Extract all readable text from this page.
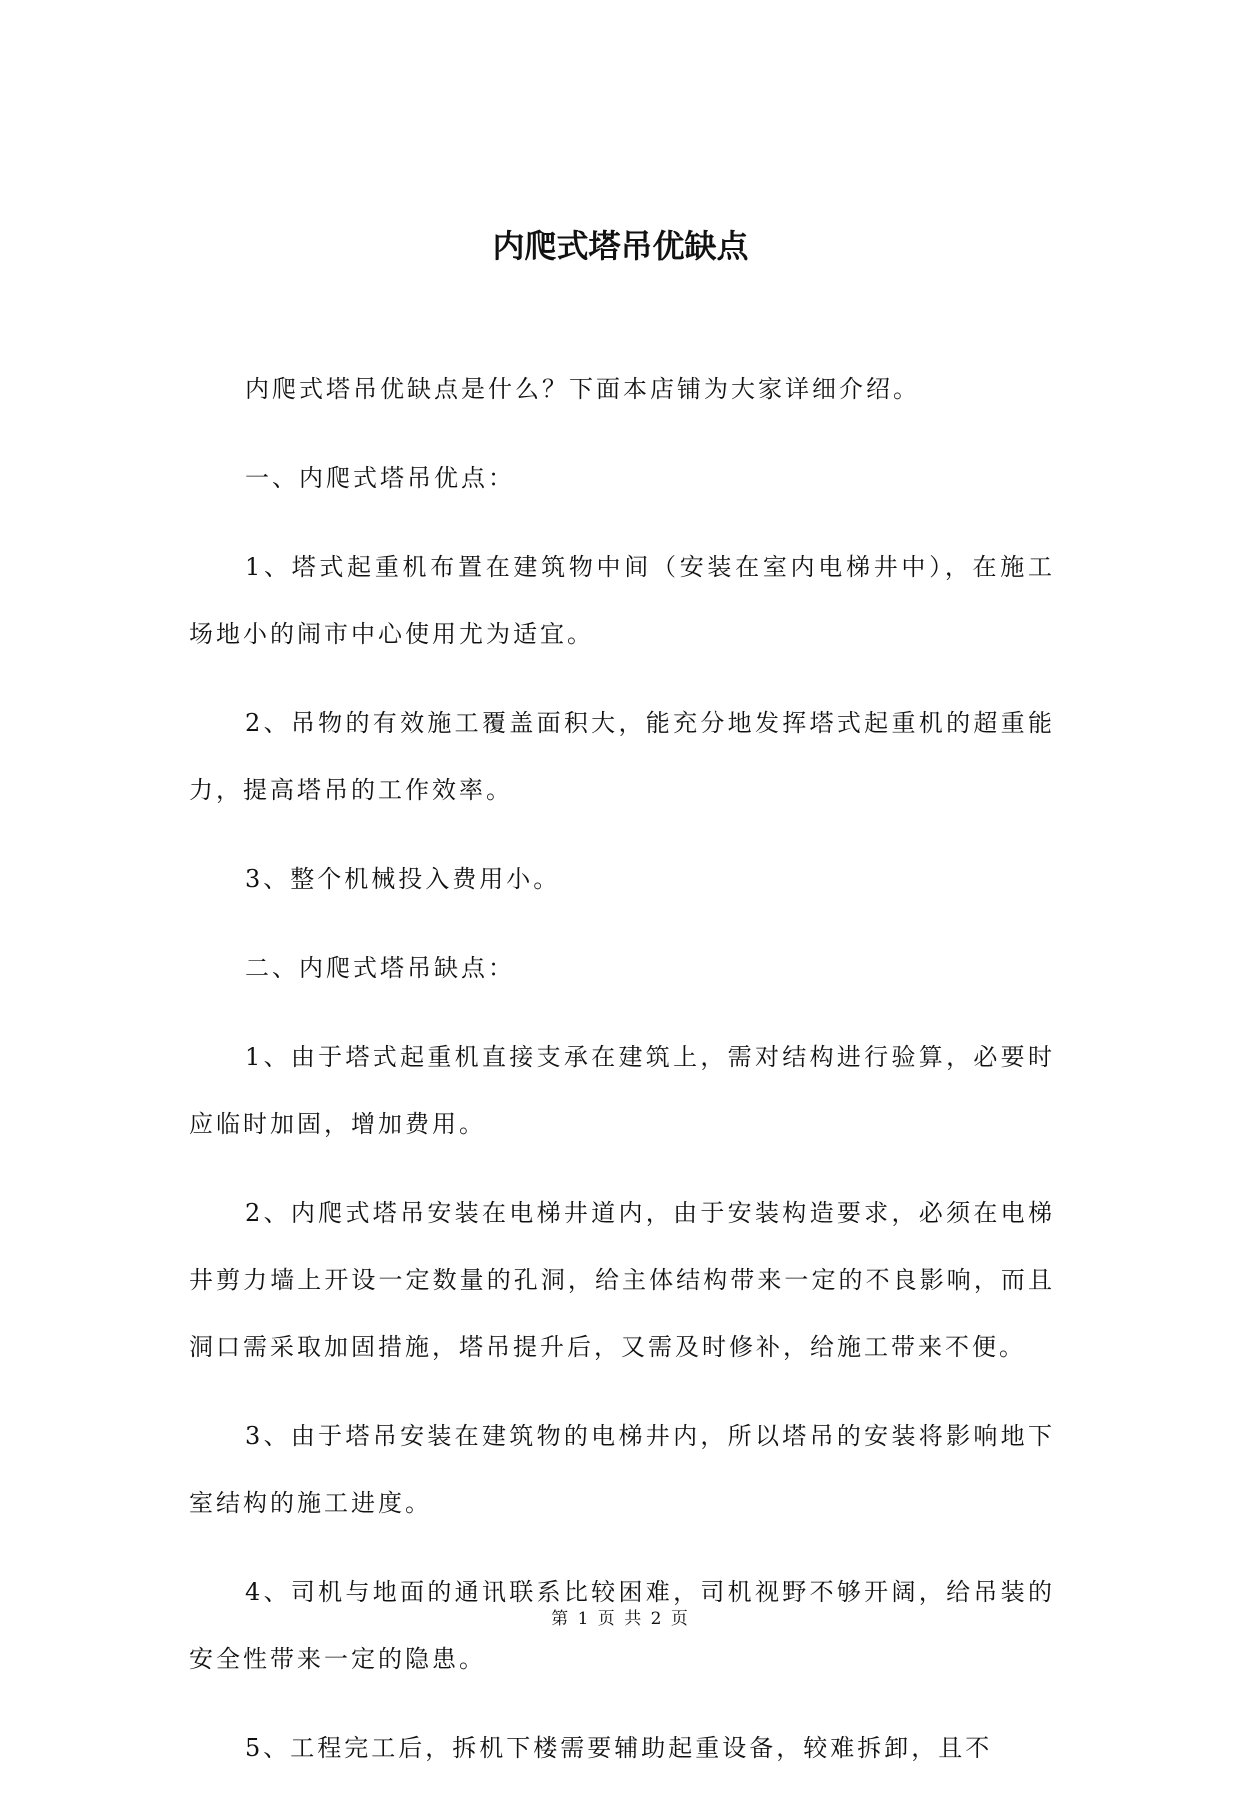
内爬式塔吊优缺点

内爬式塔吊优缺点是什么？下面本店铺为大家详细介绍。

一、内爬式塔吊优点：

1、塔式起重机布置在建筑物中间（安装在室内电梯井中），在施工场地小的闹市中心使用尤为适宜。

2、吊物的有效施工覆盖面积大，能充分地发挥塔式起重机的超重能力，提高塔吊的工作效率。

3、整个机械投入费用小。

二、内爬式塔吊缺点：

1、由于塔式起重机直接支承在建筑上，需对结构进行验算，必要时应临时加固，增加费用。

2、内爬式塔吊安装在电梯井道内，由于安装构造要求，必须在电梯井剪力墙上开设一定数量的孔洞，给主体结构带来一定的不良影响，而且洞口需采取加固措施，塔吊提升后，又需及时修补，给施工带来不便。

3、由于塔吊安装在建筑物的电梯井内，所以塔吊的安装将影响地下室结构的施工进度。

4、司机与地面的通讯联系比较困难，司机视野不够开阔，给吊装的安全性带来一定的隐患。

5、工程完工后，拆机下楼需要辅助起重设备，较难拆卸，且不

第 1 页 共 2 页
